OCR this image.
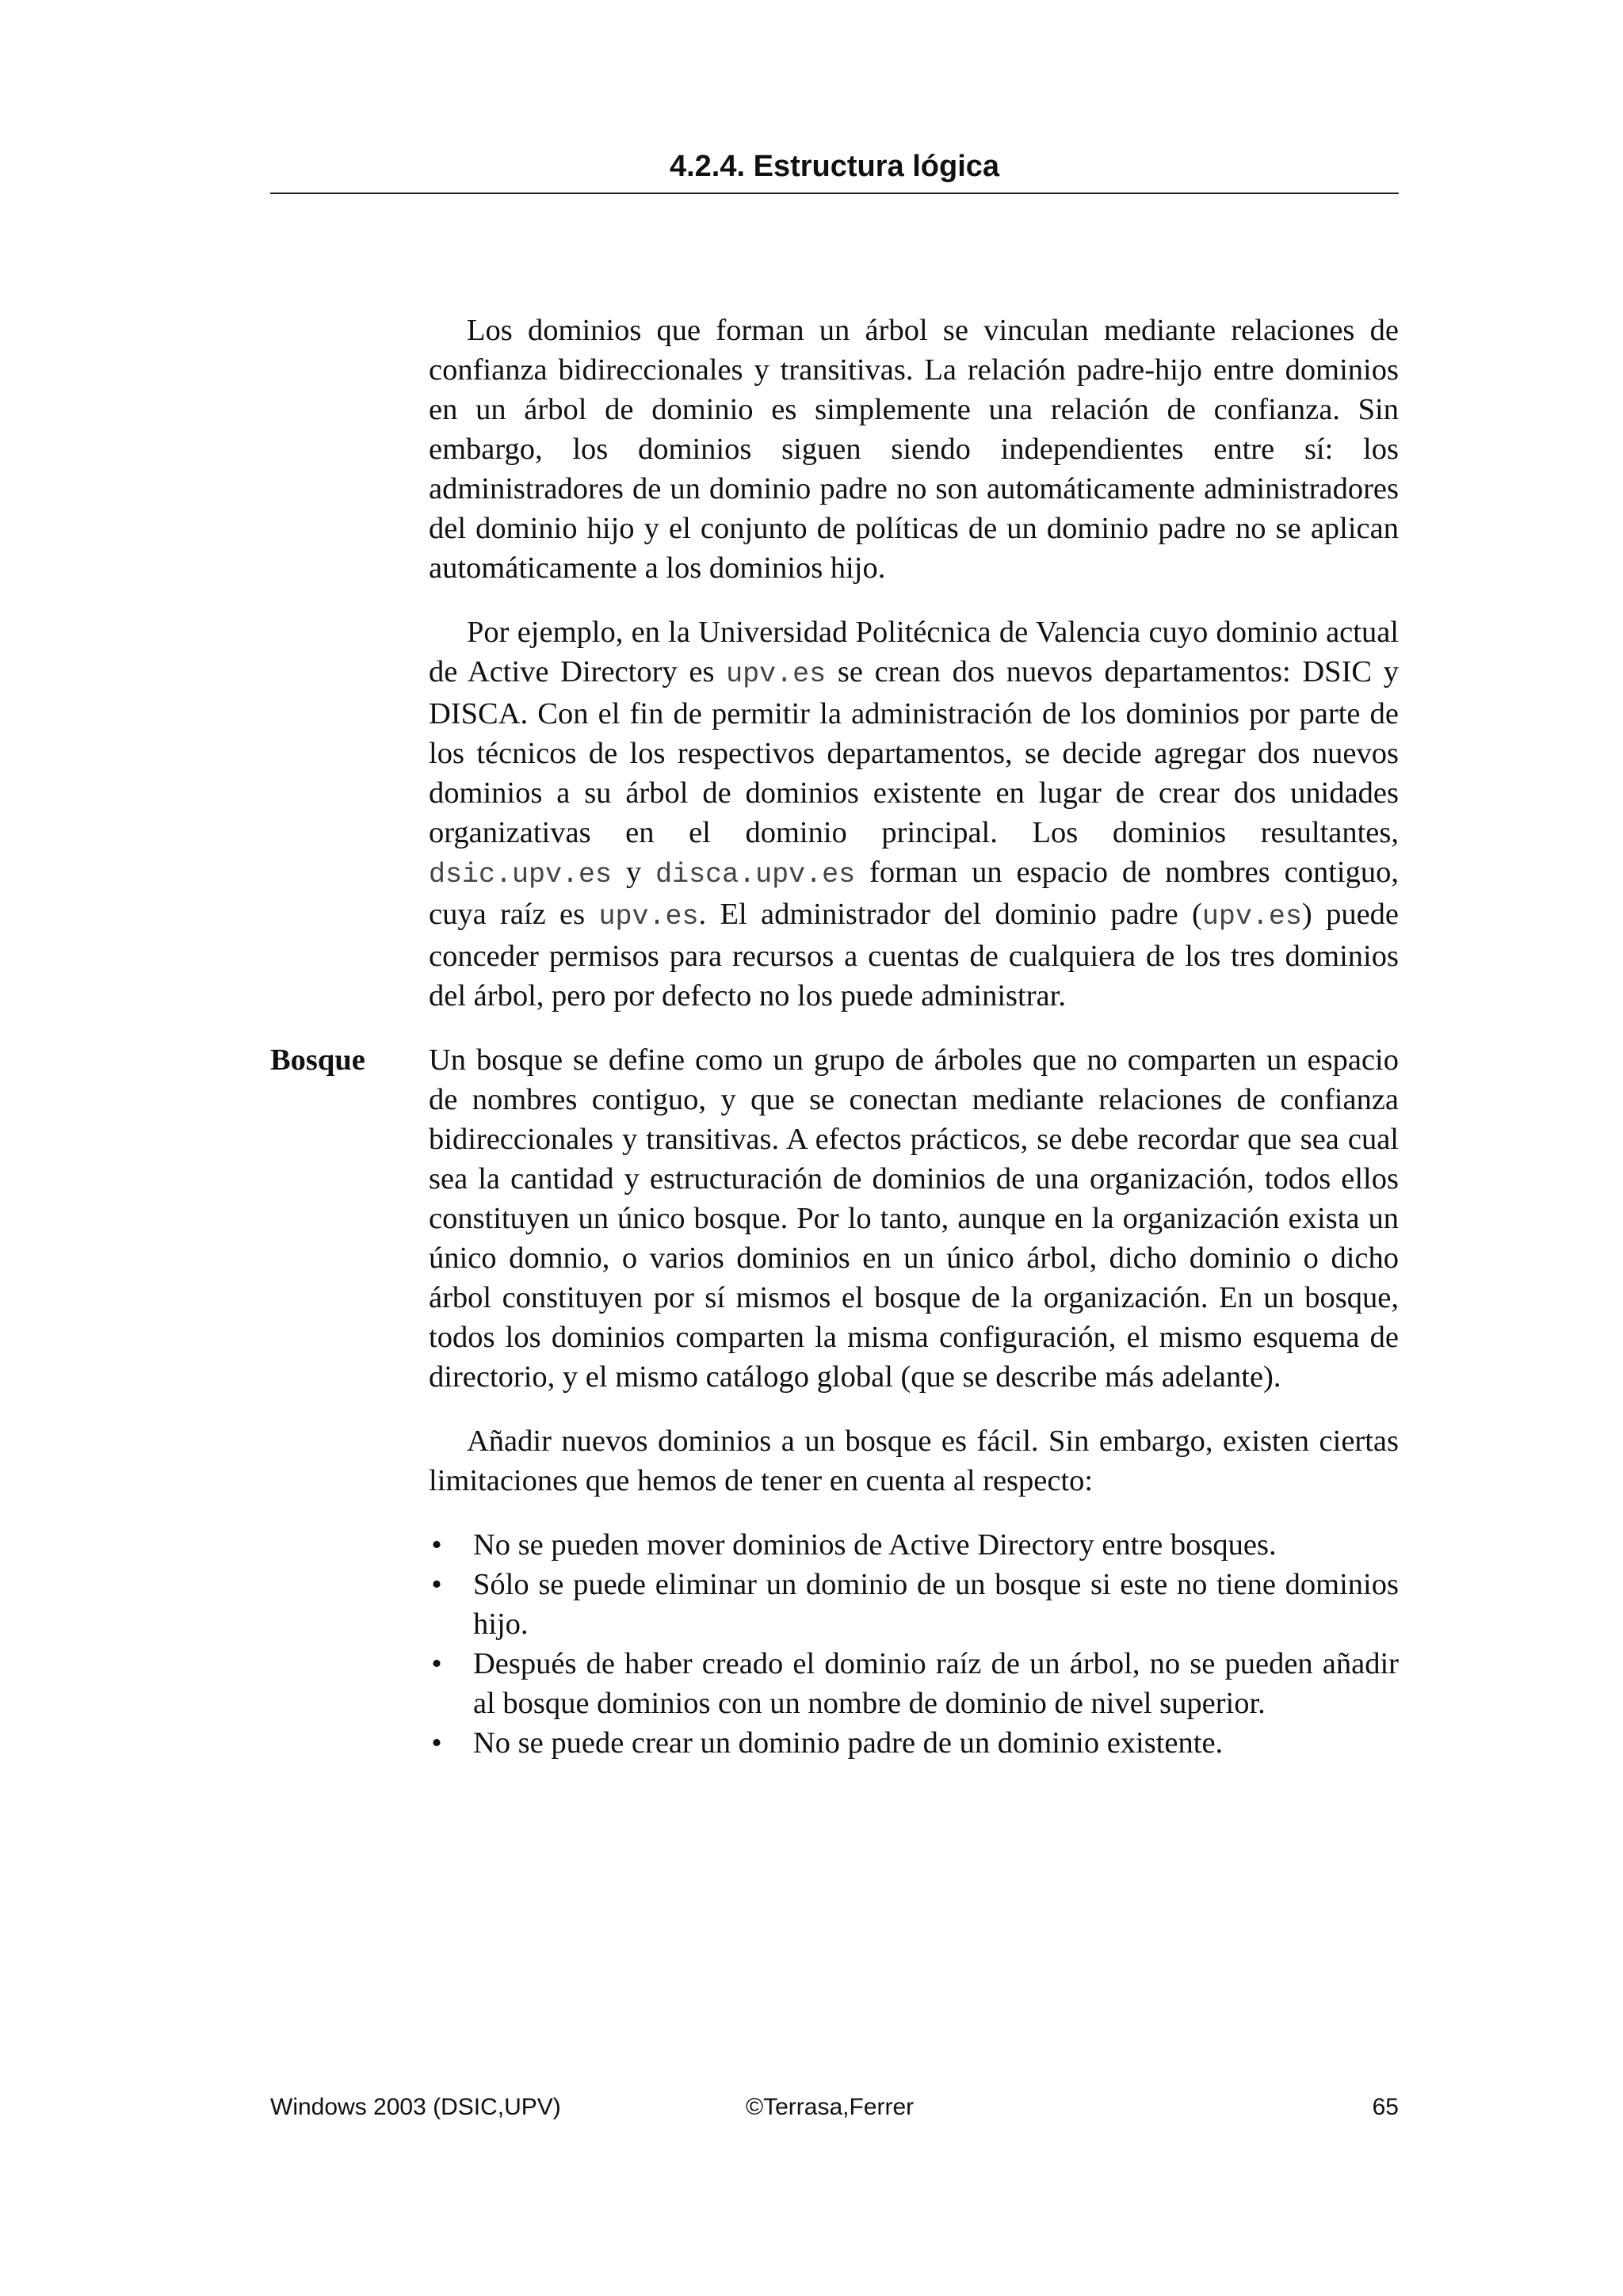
4.2.4. Estructura lógica

Los dominios que forman un árbol se vinculan mediante relaciones de confianza bidireccionales y transitivas. La relación padre-hijo entre dominios en un árbol de dominio es simplemente una relación de confianza. Sin embargo, los dominios siguen siendo independientes entre sí: los administradores de un dominio padre no son automáticamente administradores del dominio hijo y el conjunto de políticas de un dominio padre no se aplican automáticamente a los dominios hijo.

Por ejemplo, en la Universidad Politécnica de Valencia cuyo dominio actual de Active Directory es upv.es se crean dos nuevos departamentos: DSIC y DISCA. Con el fin de permitir la administración de los dominios por parte de los técnicos de los respectivos departamentos, se decide agregar dos nuevos dominios a su árbol de dominios existente en lugar de crear dos unidades organizativas en el dominio principal. Los dominios resultantes, dsic.upv.es y disca.upv.es forman un espacio de nombres contiguo, cuya raíz es upv.es. El administrador del dominio padre (upv.es) puede conceder permisos para recursos a cuentas de cualquiera de los tres dominios del árbol, pero por defecto no los puede administrar.

Bosque Un bosque se define como un grupo de árboles que no comparten un espacio de nombres contiguo, y que se conectan mediante relaciones de confianza bidireccionales y transitivas. A efectos prácticos, se debe recordar que sea cual sea la cantidad y estructuración de dominios de una organización, todos ellos constituyen un único bosque. Por lo tanto, aunque en la organización exista un único domnio, o varios dominios en un único árbol, dicho dominio o dicho árbol constituyen por sí mismos el bosque de la organización. En un bosque, todos los dominios comparten la misma configuración, el mismo esquema de directorio, y el mismo catálogo global (que se describe más adelante).

Añadir nuevos dominios a un bosque es fácil. Sin embargo, existen ciertas limitaciones que hemos de tener en cuenta al respecto:

• No se pueden mover dominios de Active Directory entre bosques.
• Sólo se puede eliminar un dominio de un bosque si este no tiene dominios hijo.
• Después de haber creado el dominio raíz de un árbol, no se pueden añadir al bosque dominios con un nombre de dominio de nivel superior.
• No se puede crear un dominio padre de un dominio existente.
Windows 2003 (DSIC,UPV)	©Terrasa,Ferrer	65
